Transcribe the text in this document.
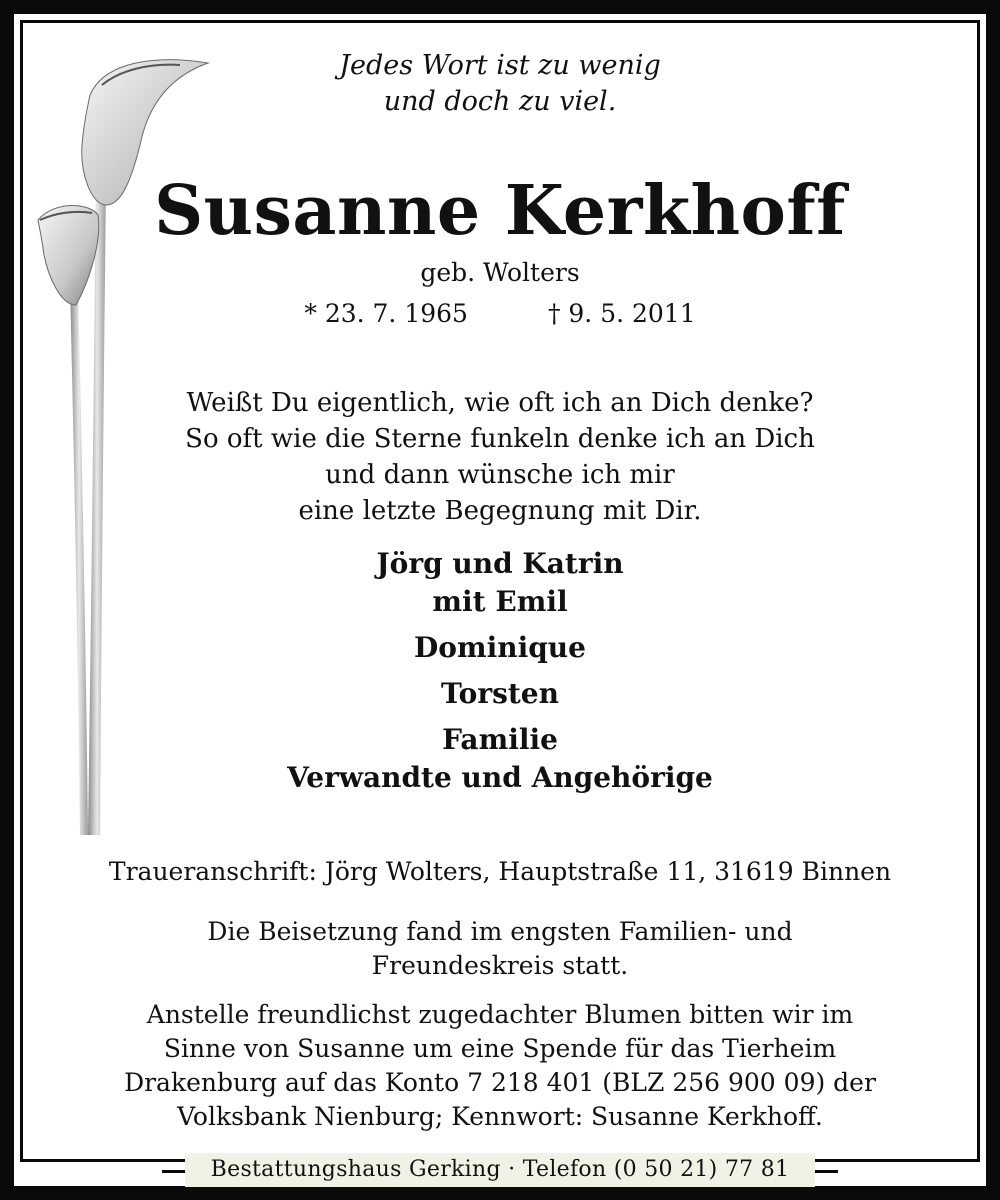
Jedes Wort ist zu wenig
und doch zu viel.
Susanne Kerkhoff
geb. Wolters
* 23. 7. 1965	† 9. 5. 2011
Weißt Du eigentlich, wie oft ich an Dich denke?
So oft wie die Sterne funkeln denke ich an Dich
und dann wünsche ich mir
eine letzte Begegnung mit Dir.
Jörg und Katrin
mit Emil
Dominique
Torsten
Familie
Verwandte und Angehörige
Traueranschrift: Jörg Wolters, Hauptstraße 11, 31619 Binnen
Die Beisetzung fand im engsten Familien- und
Freundeskreis statt.
Anstelle freundlichst zugedachter Blumen bitten wir im
Sinne von Susanne um eine Spende für das Tierheim
Drakenburg auf das Konto 7 218 401 (BLZ 256 900 09) der
Volksbank Nienburg; Kennwort: Susanne Kerkhoff.
Bestattungshaus Gerking · Telefon (0 50 21) 77 81
